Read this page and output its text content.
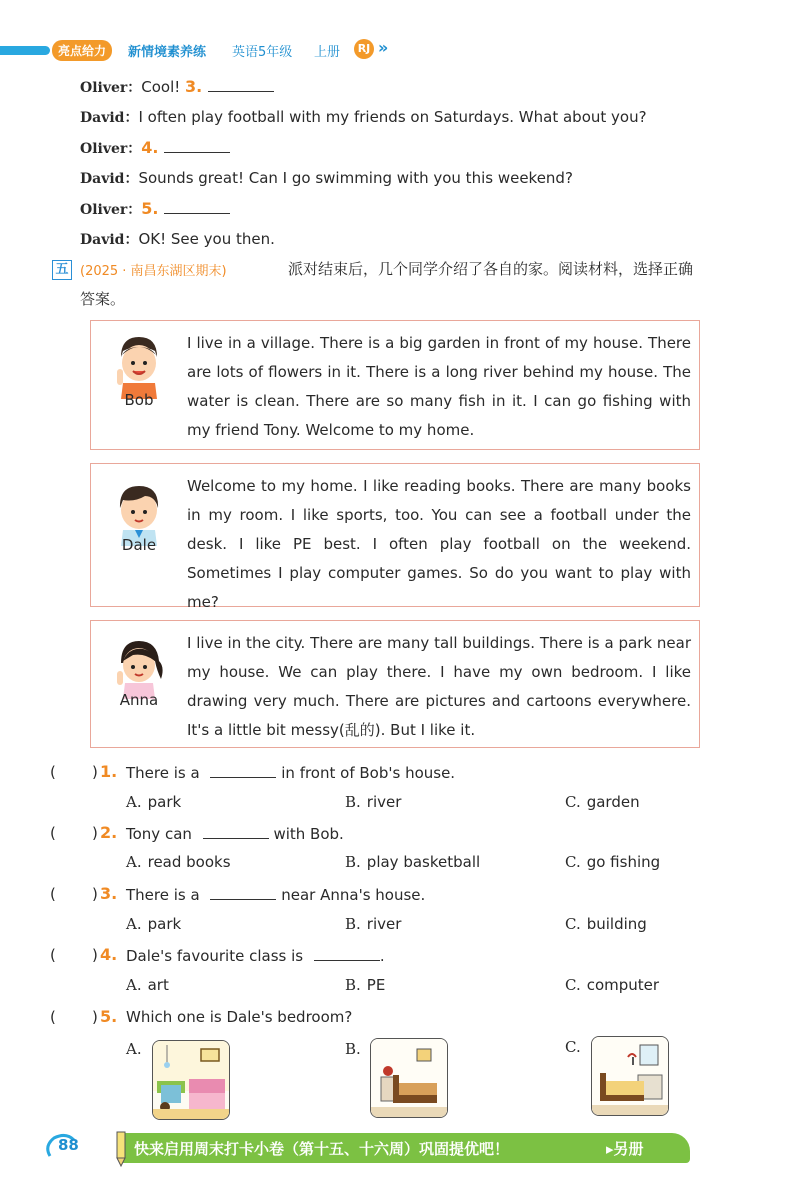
亮点给力	新情境素养练 英语5年级 上册	RJ »
Oliver：Cool! 3.
David：I often play football with my friends on Saturdays. What about you?
Oliver：4.
David：Sounds great! Can I go swimming with you this weekend?
Oliver：5.
David：OK! See you then.
五 (2025 · 南昌东湖区期末)	派对结束后，几个同学介绍了各自的家。阅读材料，选择正确
答案。
Bob
I live in a village. There is a big garden in front of my house. There are lots of flowers in it. There is a long river behind my house. The water is clean. There are so many fish in it. I can go fishing with my friend Tony. Welcome to my home.
Dale
Welcome to my home. I like reading books. There are many books in my room. I like sports, too. You can see a football under the desk. I like PE best. I often play football on the weekend. Sometimes I play computer games. So do you want to play with me?
Anna
I live in the city. There are many tall buildings. There is a park near my house. We can play there. I have my own bedroom. I like drawing very much. There are pictures and cartoons everywhere. It's a little bit messy(乱的). But I like it.
( ) 1. There is a	in front of Bob's house.
A. park	B. river	C. garden
( ) 2. Tony can	with Bob.
A. read books	B. play basketball	C. go fishing
( ) 3. There is a	near Anna's house.
A. park	B. river	C. building
( ) 4. Dale's favourite class is	.
A. art	B. PE	C. computer
( ) 5. Which one is Dale's bedroom?
A.	B.	C.
88	快来启用周末打卡小卷（第十五、十六周）巩固提优吧！	▸另册
